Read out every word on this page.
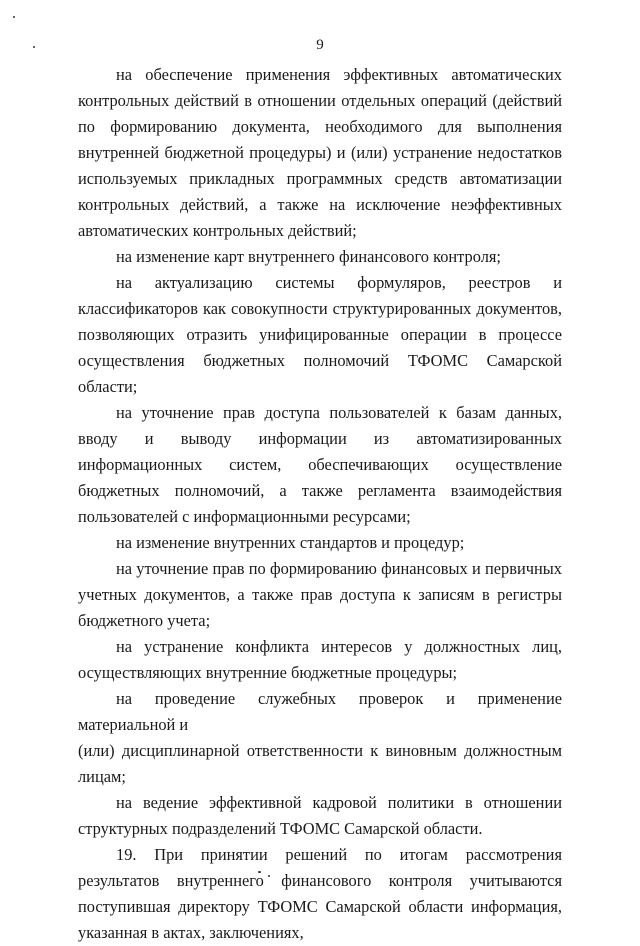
9

на обеспечение применения эффективных автоматических контрольных действий в отношении отдельных операций (действий по формированию документа, необходимого для выполнения внутренней бюджетной процедуры) и (или) устранение недостатков используемых прикладных программных средств автоматизации контрольных действий, а также на исключение неэффективных автоматических контрольных действий;

на изменение карт внутреннего финансового контроля;

на актуализацию системы формуляров, реестров и классификаторов как совокупности структурированных документов, позволяющих отразить унифицированные операции в процессе осуществления бюджетных полномочий ТФОМС Самарской области;

на уточнение прав доступа пользователей к базам данных, вводу и выводу информации из автоматизированных информационных систем, обеспечивающих осуществление бюджетных полномочий, а также регламента взаимодействия пользователей с информационными ресурсами;

на изменение внутренних стандартов и процедур;

на уточнение прав по формированию финансовых и первичных учетных документов, а также прав доступа к записям в регистры бюджетного учета;

на устранение конфликта интересов у должностных лиц, осуществляющих внутренние бюджетные процедуры;

на проведение служебных проверок и применение материальной и

(или) дисциплинарной ответственности к виновным должностным лицам;

на ведение эффективной кадровой политики в отношении структурных подразделений ТФОМС Самарской области.

19. При принятии решений по итогам рассмотрения результатов внутреннего финансового контроля учитываются поступившая директору ТФОМС Самарской области информация, указанная в актах, заключениях,
